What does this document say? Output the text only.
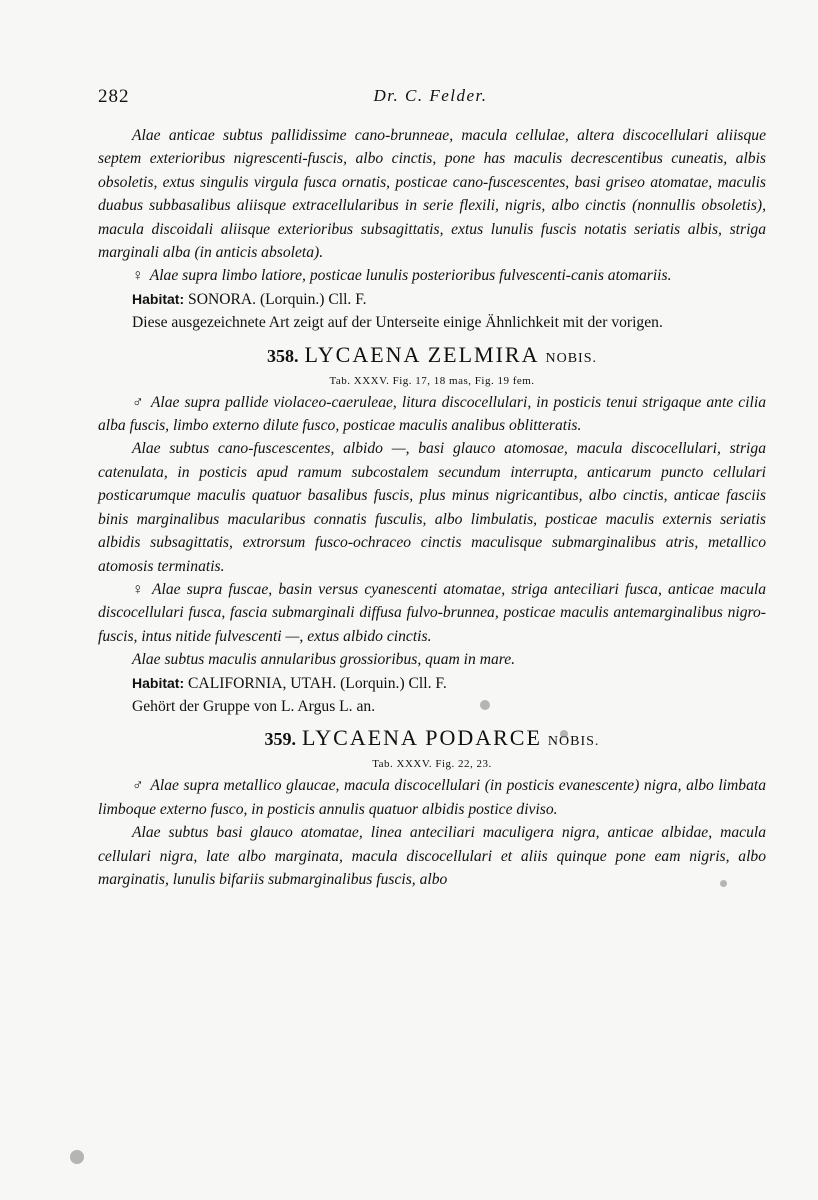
282	Dr. C. Felder.

Alae anticae subtus pallidissime cano-brunneae, macula cellulae, altera discocellulari aliisque septem exterioribus nigrescenti-fuscis, albo cinctis, pone has maculis decrescentibus cuneatis, albis obsoletis, extus singulis virgula fusca ornatis, posticae cano-fuscescentes, basi griseo atomatae, maculis duabus subbasalibus aliisque extracellularibus in serie flexili, nigris, albo cinctis (nonnullis obsoletis), macula discoidali aliisque exterioribus subsagittatis, extus lunulis fuscis notatis seriatis albis, striga marginali alba (in anticis absoleta).

♀ Alae supra limbo latiore, posticae lunulis posterioribus fulvescenti-canis atomariis.

Habitat: SONORA. (Lorquin.) Cll. F.

Diese ausgezeichnete Art zeigt auf der Unterseite einige Ähnlichkeit mit der vorigen.

358. LYCAENA ZELMIRA NOBIS.
Tab. XXXV. Fig. 17, 18 mas, Fig. 19 fem.

♂ Alae supra pallide violaceo-caeruleae, litura discocellulari, in posticis tenui strigaque ante cilia alba fuscis, limbo externo dilute fusco, posticae maculis analibus oblitteratis.

Alae subtus cano-fuscescentes, albido —, basi glauco atomosae, macula discocellulari, striga catenulata, in posticis apud ramum subcostalem secundum interrupta, anticarum puncto cellulari posticarumque maculis quatuor basalibus fuscis, plus minus nigricantibus, albo cinctis, anticae fasciis binis marginalibus macularibus connatis fusculis, albo limbulatis, posticae maculis externis seriatis albidis subsagittatis, extrorsum fusco-ochraceo cinctis maculisque submarginalibus atris, metallico atomosis terminatis.

♀ Alae supra fuscae, basin versus cyanescenti atomatae, striga anteciliari fusca, anticae macula discocellulari fusca, fascia submarginali diffusa fulvo-brunnea, posticae maculis antemarginalibus nigro-fuscis, intus nitide fulvescenti —, extus albido cinctis.

Alae subtus maculis annularibus grossioribus, quam in mare.

Habitat: CALIFORNIA, UTAH. (Lorquin.) Cll. F.

Gehört der Gruppe von L. Argus L. an.

359. LYCAENA PODARCE NOBIS.
Tab. XXXV. Fig. 22, 23.

♂ Alae supra metallico glaucae, macula discocellulari (in posticis evanescente) nigra, albo limbata limboque externo fusco, in posticis annulis quatuor albidis postice diviso.

Alae subtus basi glauco atomatae, linea anteciliari maculigera nigra, anticae albidae, macula cellulari nigra, late albo marginata, macula discocellulari et aliis quinque pone eam nigris, albo marginatis, lunulis bifariis submarginalibus fuscis, albo
